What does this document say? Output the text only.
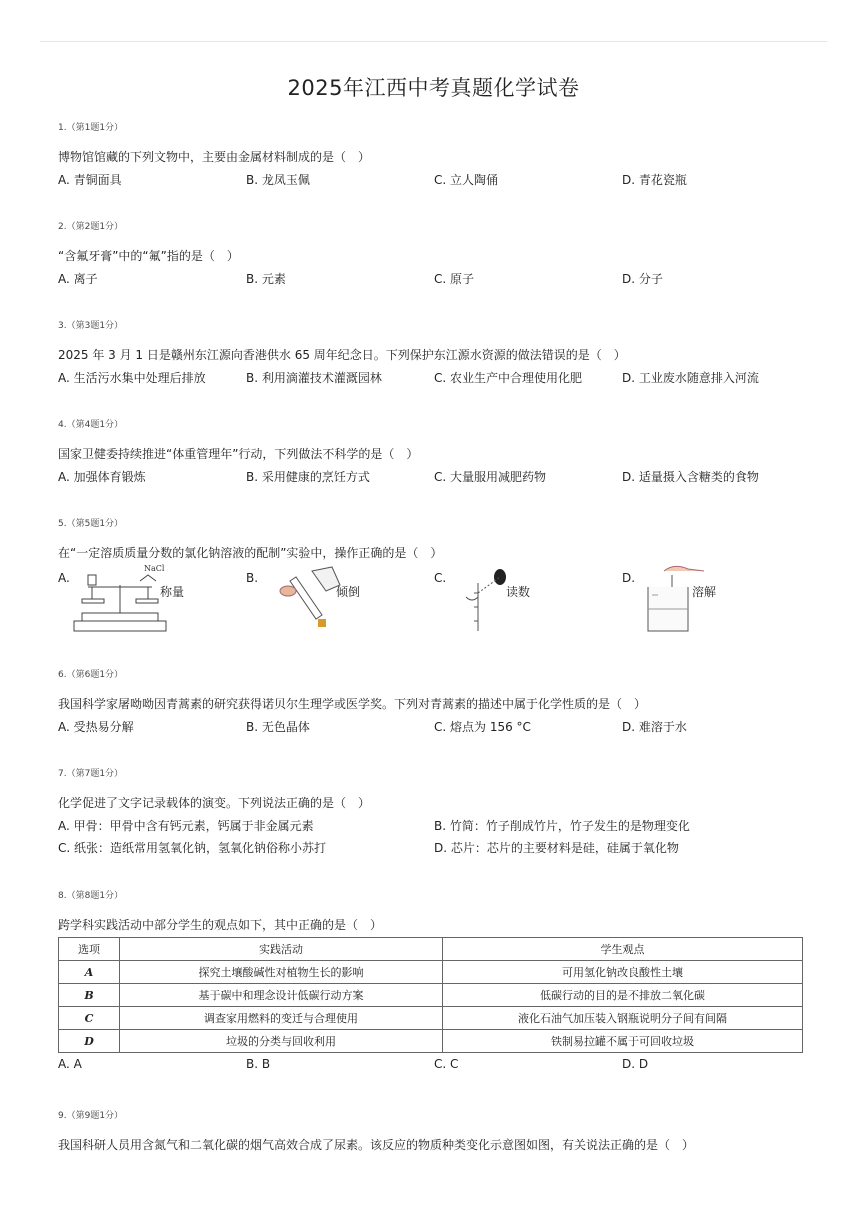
2025年江西中考真题化学试卷
1.（第1题1分）
博物馆馆藏的下列文物中，主要由金属材料制成的是（　）
A. 青铜面具	B. 龙凤玉佩	C. 立人陶俑	D. 青花瓷瓶
2.（第2题1分）
“含氟牙膏”中的“氟”指的是（　）
A. 离子	B. 元素	C. 原子	D. 分子
3.（第3题1分）
2025 年 3 月 1 日是赣州东江源向香港供水 65 周年纪念日。下列保护东江源水资源的做法错误的是（　）
A. 生活污水集中处理后排放	B. 利用滴灌技术灌溉园林	C. 农业生产中合理使用化肥	D. 工业废水随意排入河流
4.（第4题1分）
国家卫健委持续推进“体重管理年”行动，下列做法不科学的是（　）
A. 加强体育锻炼	B. 采用健康的烹饪方式	C. 大量服用减肥药物	D. 适量摄入含糖类的食物
5.（第5题1分）
在“一定溶质质量分数的氯化钠溶液的配制”实验中，操作正确的是（　）
A.
NaCl
称量
B.
倾倒
C.
读数
D.
溶解
6.（第6题1分）
我国科学家屠呦呦因青蒿素的研究获得诺贝尔生理学或医学奖。下列对青蒿素的描述中属于化学性质的是（　）
A. 受热易分解	B. 无色晶体	C. 熔点为 156 °C	D. 难溶于水
7.（第7题1分）
化学促进了文字记录载体的演变。下列说法正确的是（　）
A. 甲骨：甲骨中含有钙元素，钙属于非金属元素	B. 竹简：竹子削成竹片，竹子发生的是物理变化
C. 纸张：造纸常用氢氧化钠，氢氧化钠俗称小苏打	D. 芯片：芯片的主要材料是硅，硅属于氧化物
8.（第8题1分）
跨学科实践活动中部分学生的观点如下，其中正确的是（　）
选项	实践活动	学生观点
A	探究土壤酸碱性对植物生长的影响	可用氢化钠改良酸性土壤
B	基于碳中和理念设计低碳行动方案	低碳行动的目的是不排放二氧化碳
C	调查家用燃料的变迁与合理使用	液化石油气加压装入钢瓶说明分子间有间隔
D	垃圾的分类与回收利用	铁制易拉罐不属于可回收垃圾
A. A	B. B	C. C	D. D
9.（第9题1分）
我国科研人员用含氮气和二氧化碳的烟气高效合成了尿素。该反应的物质种类变化示意图如图，有关说法正确的是（　）
